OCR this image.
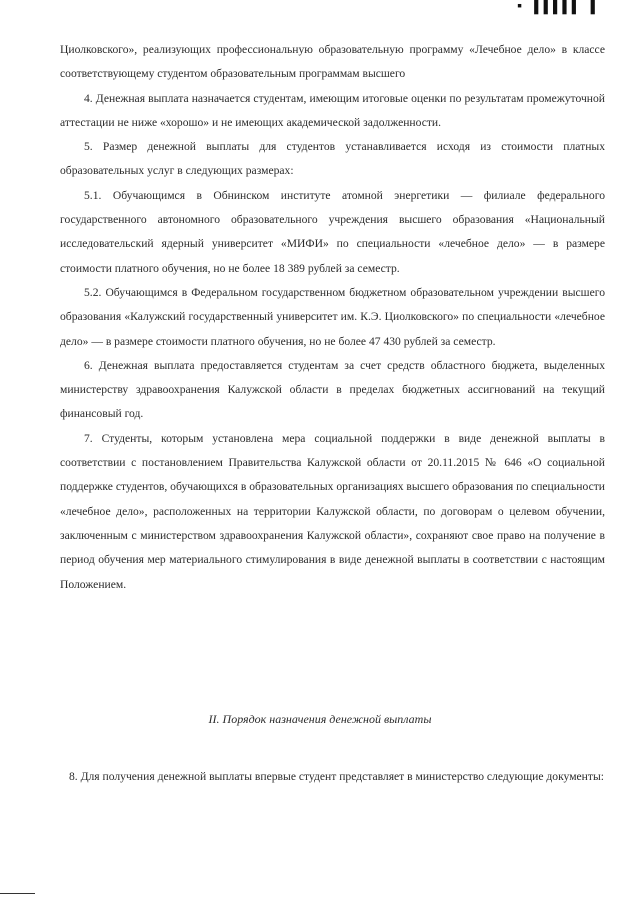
▪ ▌▌▌▌▌ ▌

Циолковского», реализующих профессиональную образовательную программу «Лечебное дело» в классе соответствующему студентом образовательным программам высшего

4. Денежная выплата назначается студентам, имеющим итоговые оценки по результатам промежуточной аттестации не ниже «хорошо» и не имеющих академической задолженности.

5. Размер денежной выплаты для студентов устанавливается исходя из стоимости платных образовательных услуг в следующих размерах:

5.1. Обучающимся в Обнинском институте атомной энергетики — филиале федерального государственного автономного образовательного учреждения высшего образования «Национальный исследовательский ядерный университет «МИФИ» по специальности «лечебное дело» — в размере стоимости платного обучения, но не более 18 389 рублей за семестр.

5.2. Обучающимся в Федеральном государственном бюджетном образовательном учреждении высшего образования «Калужский государственный университет им. К.Э. Циолковского» по специальности «лечебное дело» — в размере стоимости платного обучения, но не более 47 430 рублей за семестр.

6. Денежная выплата предоставляется студентам за счет средств областного бюджета, выделенных министерству здравоохранения Калужской области в пределах бюджетных ассигнований на текущий финансовый год.

7. Студенты, которым установлена мера социальной поддержки в виде денежной выплаты в соответствии с постановлением Правительства Калужской области от 20.11.2015 № 646 «О социальной поддержке студентов, обучающихся в образовательных организациях высшего образования по специальности «лечебное дело», расположенных на территории Калужской области, по договорам о целевом обучении, заключенным с министерством здравоохранения Калужской области», сохраняют свое право на получение в период обучения мер материального стимулирования в виде денежной выплаты в соответствии с настоящим Положением.

II. Порядок назначения денежной выплаты

8. Для получения денежной выплаты впервые студент представляет в министерство следующие документы:
